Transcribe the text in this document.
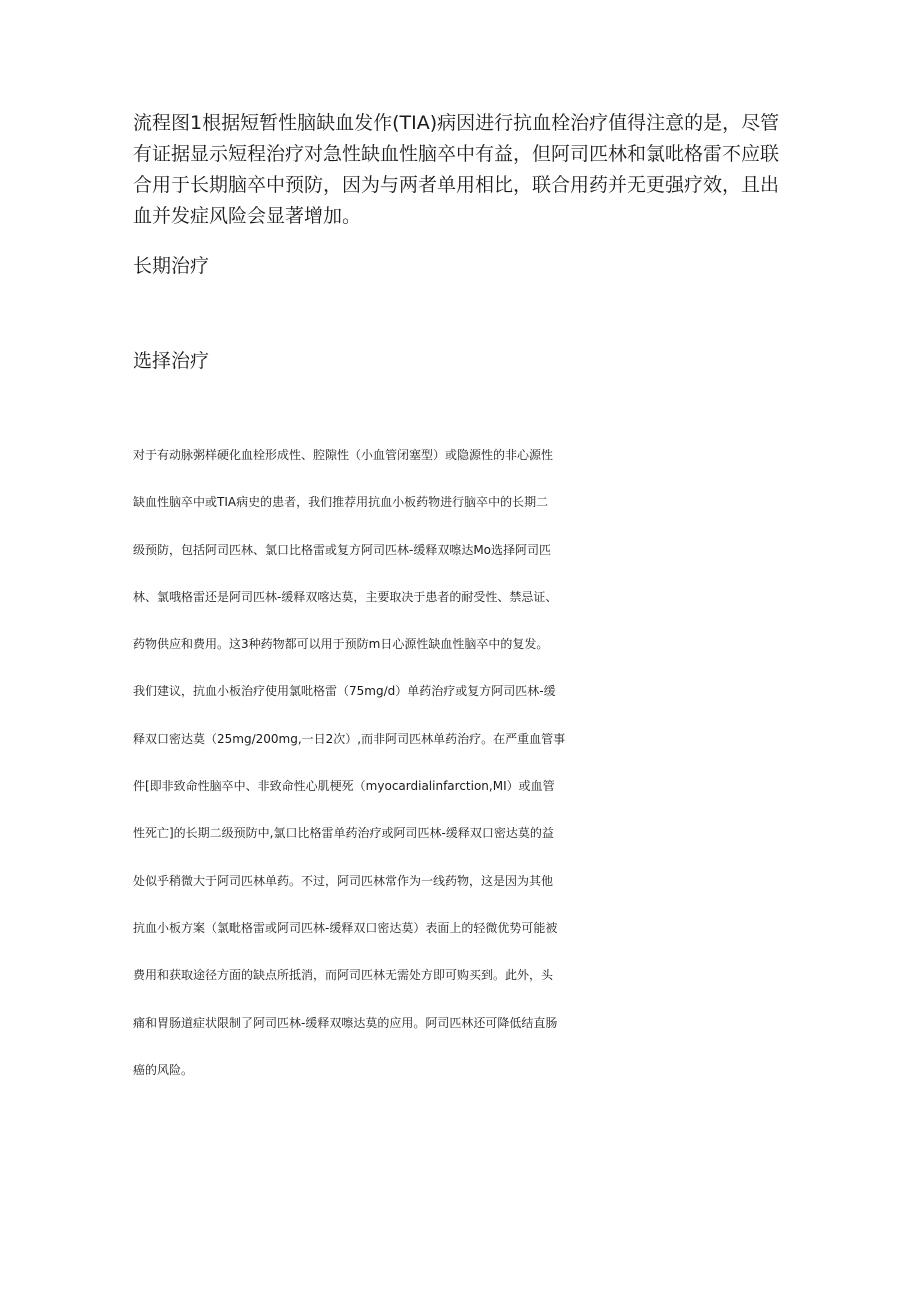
流程图1根据短暂性脑缺血发作(TIA)病因进行抗血栓治疗值得注意的是，尽管有证据显示短程治疗对急性缺血性脑卒中有益，但阿司匹林和氯吡格雷不应联合用于长期脑卒中预防，因为与两者单用相比，联合用药并无更强疗效，且出血并发症风险会显著增加。

长期治疗

选择治疗

对于有动脉粥样硬化血栓形成性、腔隙性（小血管闭塞型）或隐源性的非心源性
缺血性脑卒中或TIA病史的患者，我们推荐用抗血小板药物进行脑卒中的长期二
级预防，包括阿司匹林、氯口比格雷或复方阿司匹林-缓释双嚓达Mo选择阿司匹
林、氯哦格雷还是阿司匹林-缓释双喀达莫，主要取决于患者的耐受性、禁忌证、
药物供应和费用。这3种药物都可以用于预防m日心源性缺血性脑卒中的复发。
我们建议，抗血小板治疗使用氯吡格雷（75mg∕d）单药治疗或复方阿司匹林-缓
释双口密达莫（25mg∕200mg,一日2次）,而非阿司匹林单药治疗。在严重血管事
件[即非致命性脑卒中、非致命性心肌梗死（myocardialinfarction,MI）或血管
性死亡]的长期二级预防中,氯口比格雷单药治疗或阿司匹林-缓释双口密达莫的益
处似乎稍微大于阿司匹林单药。不过，阿司匹林常作为一线药物，这是因为其他
抗血小板方案（氯毗格雷或阿司匹林-缓释双口密达莫）表面上的轻微优势可能被
费用和获取途径方面的缺点所抵消，而阿司匹林无需处方即可购买到。此外，头
痛和胃肠道症状限制了阿司匹林-缓释双嚓达莫的应用。阿司匹林还可降低结直肠
癌的风险。
